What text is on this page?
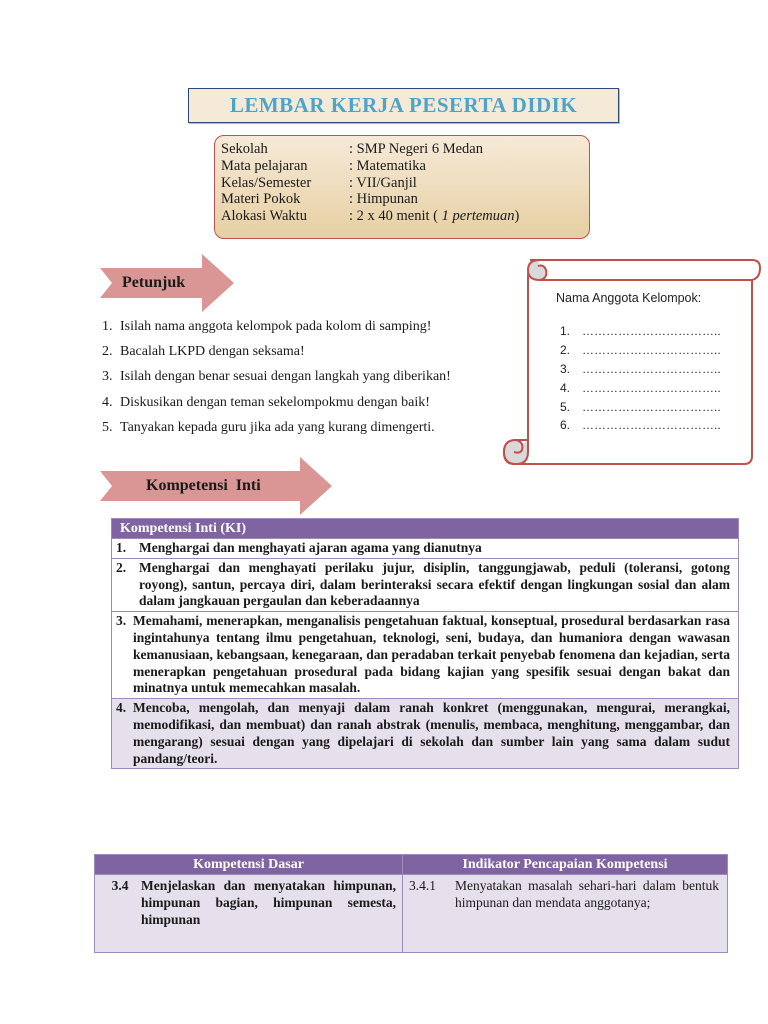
LEMBAR KERJA PESERTA DIDIK
Sekolah	: SMP Negeri 6 Medan
Mata pelajaran	: Matematika
Kelas/Semester	: VII/Ganjil
Materi Pokok	: Himpunan
Alokasi Waktu	: 2 x 40 menit ( 1 pertemuan)
Petunjuk
1. Isilah nama anggota kelompok pada kolom di samping!
2. Bacalah LKPD dengan seksama!
3. Isilah dengan benar sesuai dengan langkah yang diberikan!
4. Diskusikan dengan teman sekelompokmu dengan baik!
5. Tanyakan kepada guru jika ada yang kurang dimengerti.
Nama Anggota Kelompok:
1. ……………………………..
2. ……………………………..
3. ……………………………..
4. ……………………………..
5. ……………………………..
6. ……………………………..
Kompetensi  Inti
Kompetensi Inti (KI)

1. Menghargai dan menghayati ajaran agama yang dianutnya

2. Menghargai dan menghayati perilaku jujur, disiplin, tanggungjawab, peduli (toleransi, gotong royong), santun, percaya diri, dalam berinteraksi secara efektif dengan lingkungan sosial dan alam dalam jangkauan pergaulan dan keberadaannya

3. Memahami, menerapkan, menganalisis pengetahuan faktual, konseptual, prosedural berdasarkan rasa ingintahunya tentang ilmu pengetahuan, teknologi, seni, budaya, dan humaniora dengan wawasan kemanusiaan, kebangsaan, kenegaraan, dan peradaban terkait penyebab fenomena dan kejadian, serta menerapkan pengetahuan prosedural pada bidang kajian yang spesifik sesuai dengan bakat dan minatnya untuk memecahkan masalah.

4. Mencoba, mengolah, dan menyaji dalam ranah konkret (menggunakan, mengurai, merangkai, memodifikasi, dan membuat) dan ranah abstrak (menulis, membaca, menghitung, menggambar, dan mengarang) sesuai dengan yang dipelajari di sekolah dan sumber lain yang sama dalam sudut pandang/teori.
Kompetensi Dasar	Indikator Pencapaian Kompetensi

3.4 Menjelaskan dan menyatakan himpunan, himpunan bagian, himpunan semesta, himpunan	3.4.1 Menyatakan masalah sehari-hari dalam bentuk himpunan dan mendata anggotanya;
